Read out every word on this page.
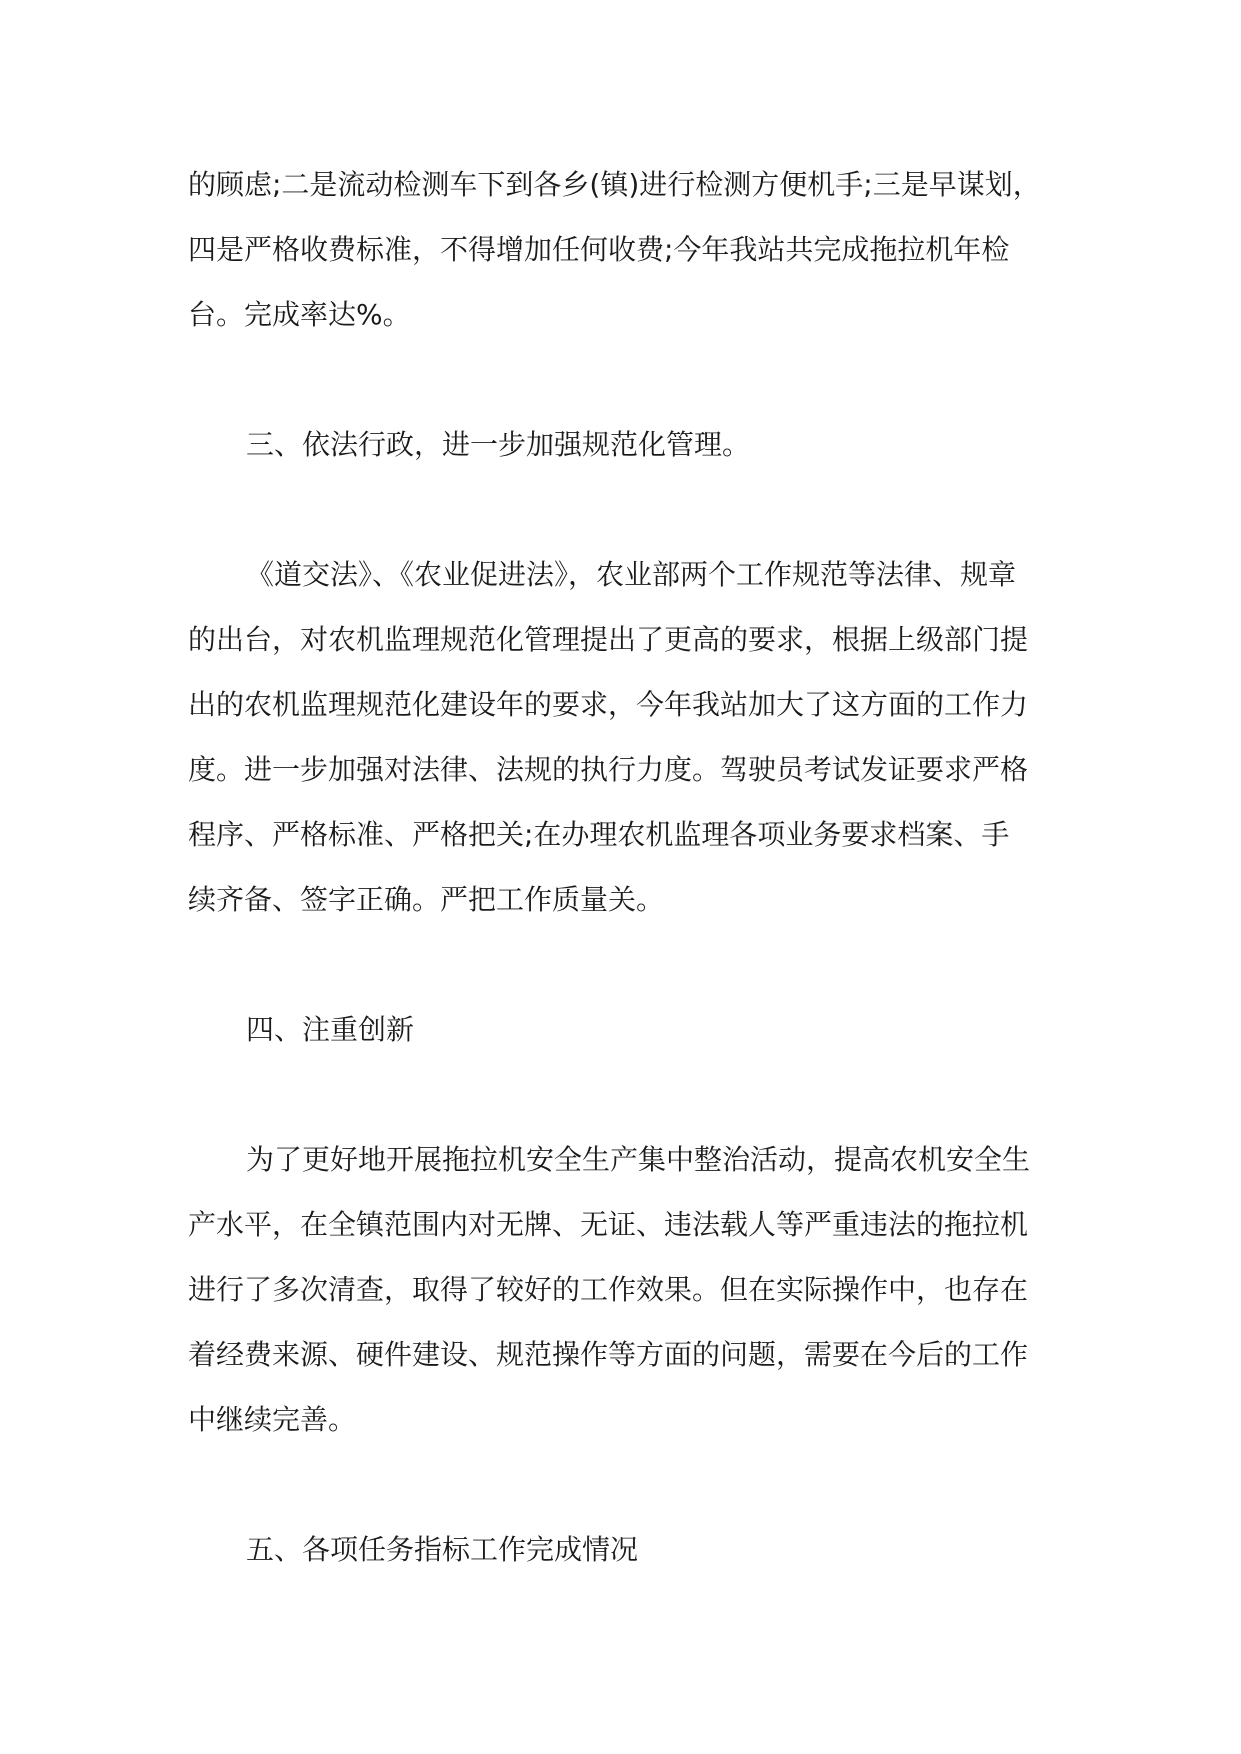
的顾虑;二是流动检测车下到各乡(镇)进行检测方便机手;三是早谋划，
四是严格收费标准，不得增加任何收费;今年我站共完成拖拉机年检
台。完成率达%。
三、依法行政，进一步加强规范化管理。
《道交法》、《农业促进法》，农业部两个工作规范等法律、规章
的出台，对农机监理规范化管理提出了更高的要求，根据上级部门提
出的农机监理规范化建设年的要求，今年我站加大了这方面的工作力
度。进一步加强对法律、法规的执行力度。驾驶员考试发证要求严格
程序、严格标准、严格把关;在办理农机监理各项业务要求档案、手
续齐备、签字正确。严把工作质量关。
四、注重创新
为了更好地开展拖拉机安全生产集中整治活动，提高农机安全生
产水平，在全镇范围内对无牌、无证、违法载人等严重违法的拖拉机
进行了多次清查，取得了较好的工作效果。但在实际操作中，也存在
着经费来源、硬件建设、规范操作等方面的问题，需要在今后的工作
中继续完善。
五、各项任务指标工作完成情况
